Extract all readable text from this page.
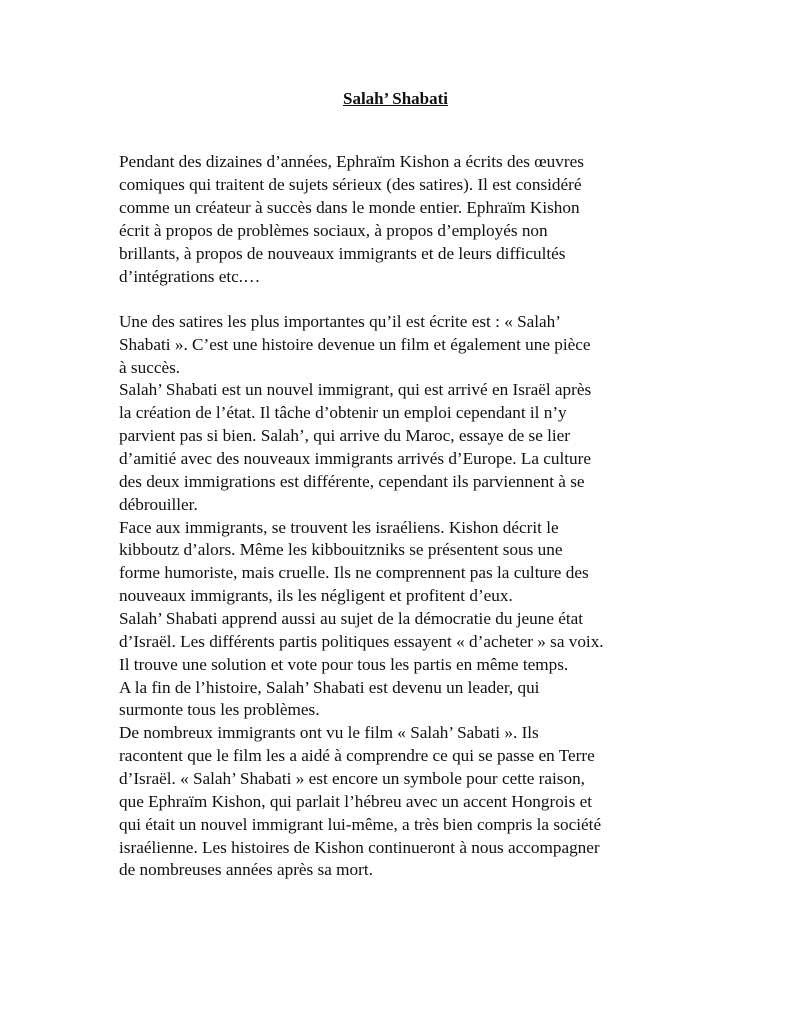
Salah’ Shabati

Pendant des dizaines d’années, Ephraïm Kishon a écrits des œuvres

comiques qui traitent de sujets sérieux (des satires). Il est considéré

comme un créateur à succès dans le monde entier. Ephraïm Kishon

écrit à propos de problèmes sociaux, à propos d’employés non

brillants, à propos de nouveaux immigrants et de leurs difficultés

d’intégrations etc.…

Une des satires les plus importantes qu’il est écrite est : « Salah’

Shabati ». C’est une histoire devenue un film et également une pièce

à succès.

Salah’ Shabati est un nouvel immigrant, qui est arrivé en Israël après

la création de l’état. Il tâche d’obtenir un emploi cependant il n’y

parvient pas si bien. Salah’, qui arrive du Maroc, essaye de se lier

d’amitié avec des nouveaux immigrants arrivés d’Europe. La culture

des deux immigrations est différente, cependant ils parviennent à se

débrouiller.

Face aux immigrants, se trouvent les israéliens. Kishon décrit le

kibboutz d’alors. Même les kibbouitzniks se présentent sous une

forme humoriste, mais cruelle. Ils ne comprennent pas la culture des

nouveaux immigrants, ils les négligent et profitent d’eux.

Salah’ Shabati apprend aussi au sujet de la démocratie du jeune état

d’Israël. Les différents partis politiques essayent « d’acheter » sa voix.

Il trouve une solution et vote pour tous les partis en même temps.

A la fin de l’histoire, Salah’ Shabati est devenu un leader, qui

surmonte tous les problèmes.

De nombreux immigrants ont vu le film « Salah’ Sabati ». Ils

racontent que le film les a aidé à comprendre ce qui se passe en Terre

d’Israël. « Salah’ Shabati » est encore un symbole pour cette raison,

que Ephraïm Kishon, qui parlait l’hébreu avec un accent Hongrois et

qui était un nouvel immigrant lui-même, a très bien compris la société

israélienne. Les histoires de Kishon continueront à nous accompagner

de nombreuses années après sa mort.
